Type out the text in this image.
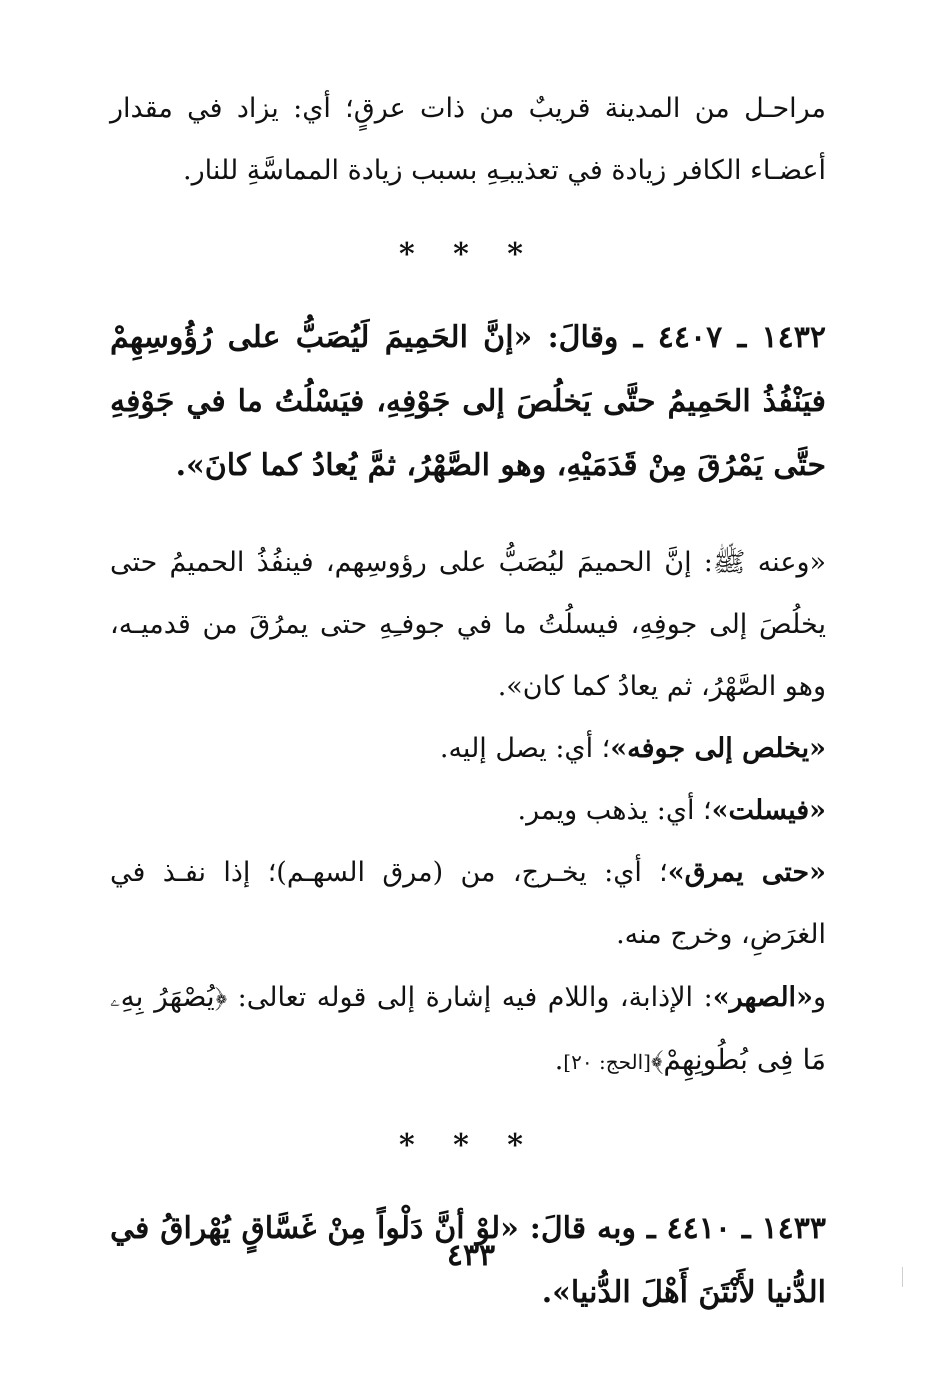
مراحـل من المدينة قريبٌ من ذات عرقٍ؛ أي: يزاد في مقدار أعضـاء الكافر زيادة في تعذيبـِهِ بسبب زيادة المماسَّةِ للنار.

* * *

١٤٣٢ ـ ٤٤٠٧ ـ وقالَ: «إنَّ الحَمِيمَ لَيُصَبُّ على رُؤُوسِهِمْ فيَنْفُذُ الحَمِيمُ حتَّى يَخلُصَ إلى جَوْفِهِ، فيَسْلُتُ ما في جَوْفِهِ حتَّى يَمْرُقَ مِنْ قَدَمَيْهِ، وهو الصَّهْرُ، ثمَّ يُعادُ كما كانَ».

«وعنه ﷺ: إنَّ الحميمَ ليُصَبُّ على رؤوسِهم، فينفُذُ الحميمُ حتى يخلُصَ إلى جوفِهِ، فيسلُتُ ما في جوفـِهِ حتى يمرُقَ من قدميـه، وهو الصَّهْرُ، ثم يعادُ كما كان».

«يخلص إلى جوفه»؛ أي: يصل إليه.

«فيسلت»؛ أي: يذهب ويمر.

«حتى يمرق»؛ أي: يخـرج، من (مرق السهـم)؛ إذا نفـذ في الغرَضِ، وخرج منه.

و«الصهر»: الإذابة، واللام فيه إشارة إلى قوله تعالى: ﴿يُصْهَرُ بِهِۦ مَا فِى بُطُونِهِمْ﴾[الحج: ٢٠].

* * *

١٤٣٣ ـ ٤٤١٠ ـ وبه قالَ: «لوْ أنَّ دَلْواً مِنْ غَسَّاقٍ يُهْراقُ في الدُّنيا لأَنْتَنَ أَهْلَ الدُّنيا».

٤٣٣
